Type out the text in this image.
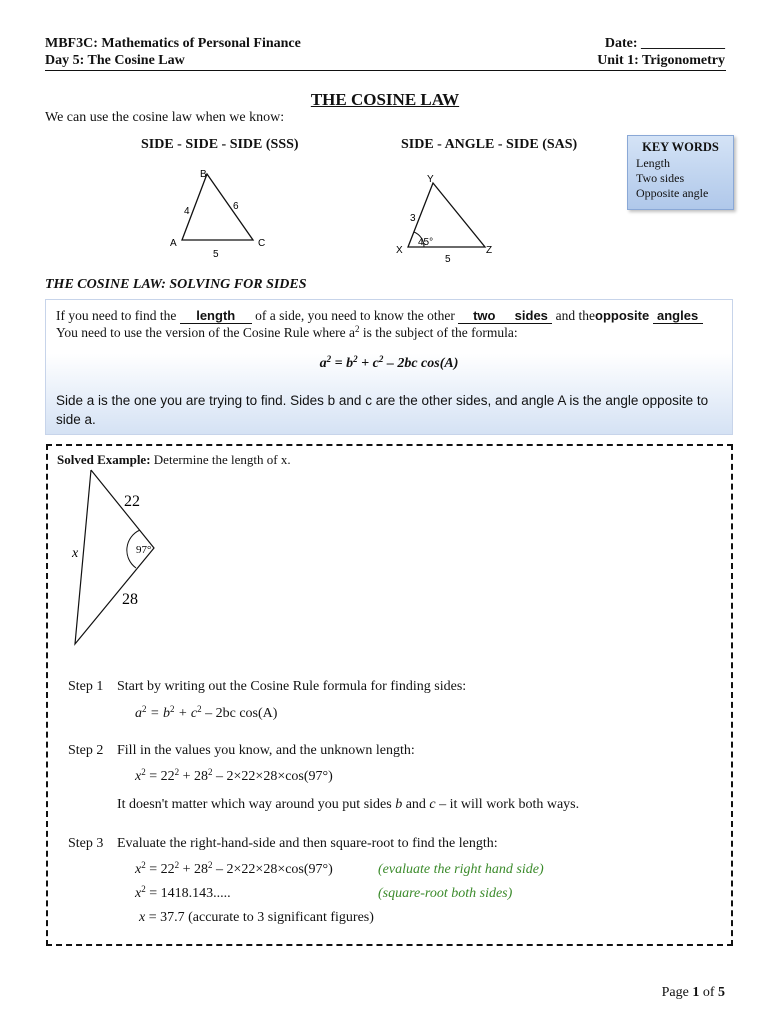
MBF3C: Mathematics of Personal Finance
Day 5: The Cosine Law
Date: ____________
Unit 1: Trigonometry
THE COSINE LAW
We can use the cosine law when we know:
SIDE - SIDE - SIDE (SSS)
B
A	C
4	6
5
SIDE - ANGLE - SIDE (SAS)
Y
X	Z
3
5
45°
KEY WORDS
Length
Two sides
Opposite angle
THE COSINE LAW: SOLVING FOR SIDES
If you need to find the length of a side, you need to know the other two sides and theopposite angles
You need to use the version of the Cosine Rule where $a^2$ is the subject of the formula:
$a^2 = b^2 + c^2 - 2bc$ cos(A)
Side a is the one you are trying to find. Sides b and c are the other sides, and angle A is the angle opposite to side a.
Solved Example: Determine the length of x.
22
28
x	97°
Step 1 Start by writing out the Cosine Rule formula for finding sides:
$a^2 = b^2 + c^2 - 2bc$ cos(A)
Step 2 Fill in the values you know, and the unknown length:
$x^2 = 22^2 + 28^2 - 2\times 22\times 28\times\cos(97^\circ)$
It doesn't matter which way around you put sides b and c – it will work both ways.
Step 3 Evaluate the right-hand-side and then square-root to find the length:
$x^2 = 22^2 + 28^2 - 2\times 22\times 28\times\cos(97^\circ)$	(evaluate the right hand side)
$x^2 = 1418.143$.....	(square-root both sides)
x = 37.7 (accurate to 3 significant figures)
Page 1 of 5
